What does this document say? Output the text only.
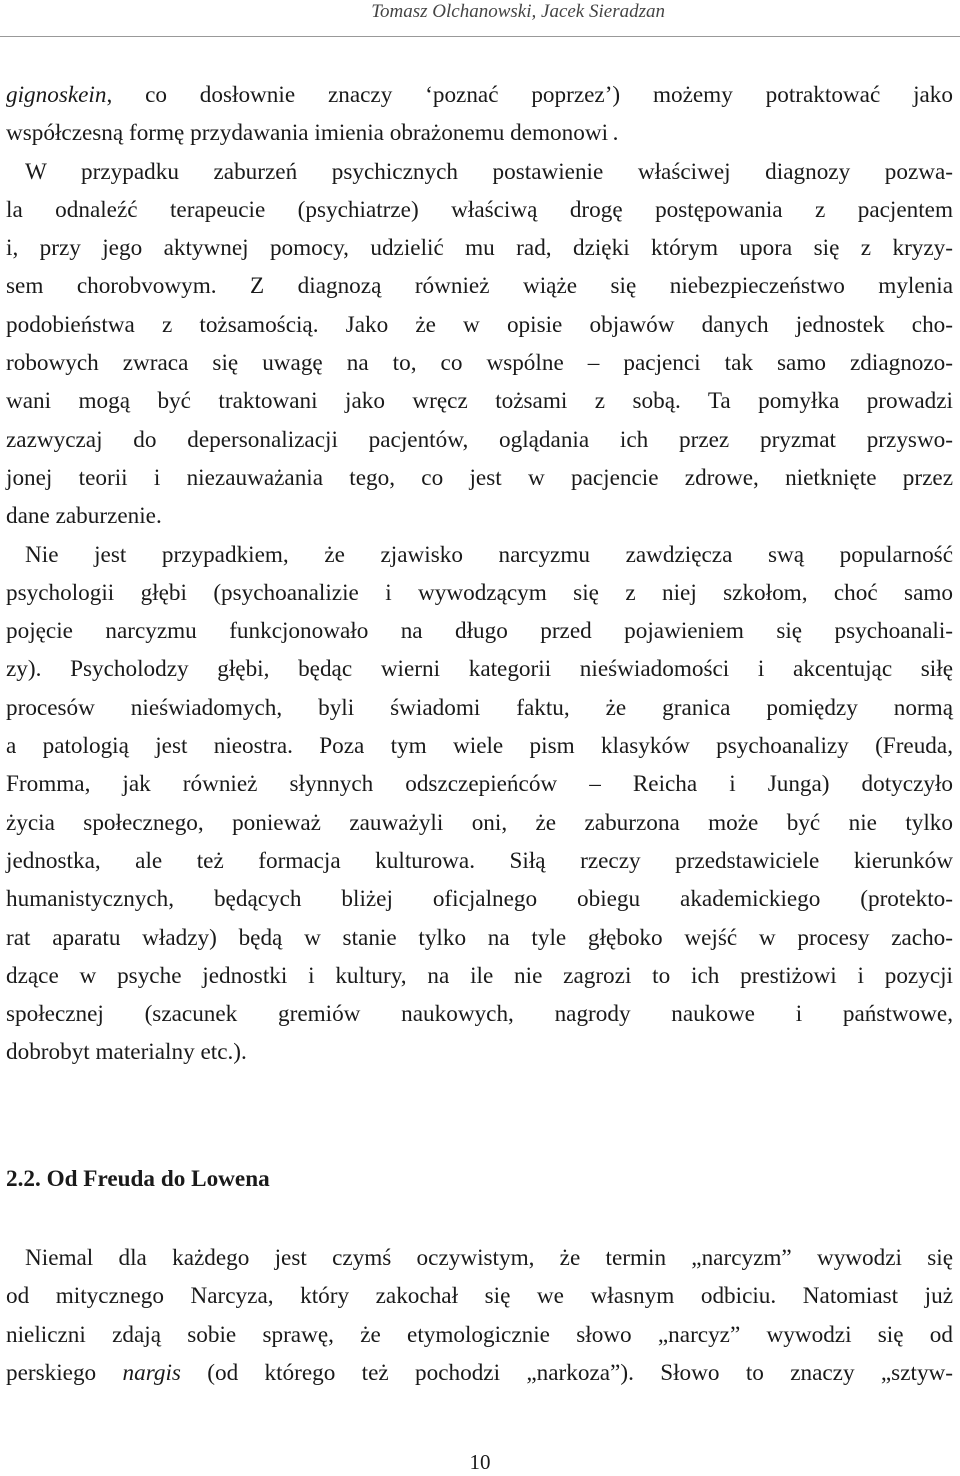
Tomasz Olchanowski, Jacek Sieradzan
gignoskein, co dosłownie znaczy ‘poznać poprzez’) możemy potraktować jako
współczesną formę przydawania imienia obrażonemu demonowi .
W przypadku zaburzeń psychicznych postawienie właściwej diagnozy pozwa-
la odnaleźć terapeucie (psychiatrze) właściwą drogę postępowania z pacjentem
i, przy jego aktywnej pomocy, udzielić mu rad, dzięki którym upora się z kryzy-
sem chorobvowym. Z diagnozą również wiąże się niebezpieczeństwo mylenia
podobieństwa z tożsamością. Jako że w opisie objawów danych jednostek cho-
robowych zwraca się uwagę na to, co wspólne – pacjenci tak samo zdiagnozo-
wani mogą być traktowani jako wręcz tożsami z sobą. Ta pomyłka prowadzi
zazwyczaj do depersonalizacji pacjentów, oglądania ich przez pryzmat przyswo-
jonej teorii i niezauważania tego, co jest w pacjencie zdrowe, nietknięte przez
dane zaburzenie.
Nie jest przypadkiem, że zjawisko narcyzmu zawdzięcza swą popularność
psychologii głębi (psychoanalizie i wywodzącym się z niej szkołom, choć samo
pojęcie narcyzmu funkcjonowało na długo przed pojawieniem się psychoanali-
zy). Psycholodzy głębi, będąc wierni kategorii nieświadomości i akcentując siłę
procesów nieświadomych, byli świadomi faktu, że granica pomiędzy normą
a patologią jest nieostra. Poza tym wiele pism klasyków psychoanalizy (Freuda,
Fromma, jak również słynnych odszczepieńców – Reicha i Junga) dotyczyło
życia społecznego, ponieważ zauważyli oni, że zaburzona może być nie tylko
jednostka, ale też formacja kulturowa. Siłą rzeczy przedstawiciele kierunków
humanistycznych, będących bliżej oficjalnego obiegu akademickiego (protekto-
rat aparatu władzy) będą w stanie tylko na tyle głęboko wejść w procesy zacho-
dzące w psyche jednostki i kultury, na ile nie zagrozi to ich prestiżowi i pozycji
społecznej (szacunek gremiów naukowych, nagrody naukowe i państwowe,
dobrobyt materialny etc.).
2.2. Od Freuda do Lowena
Niemal dla każdego jest czymś oczywistym, że termin „narcyzm” wywodzi się
od mitycznego Narcyza, który zakochał się we własnym odbiciu. Natomiast już
nieliczni zdają sobie sprawę, że etymologicznie słowo „narcyz” wywodzi się od
perskiego nargis (od którego też pochodzi „narkoza”). Słowo to znaczy „sztyw-
10
